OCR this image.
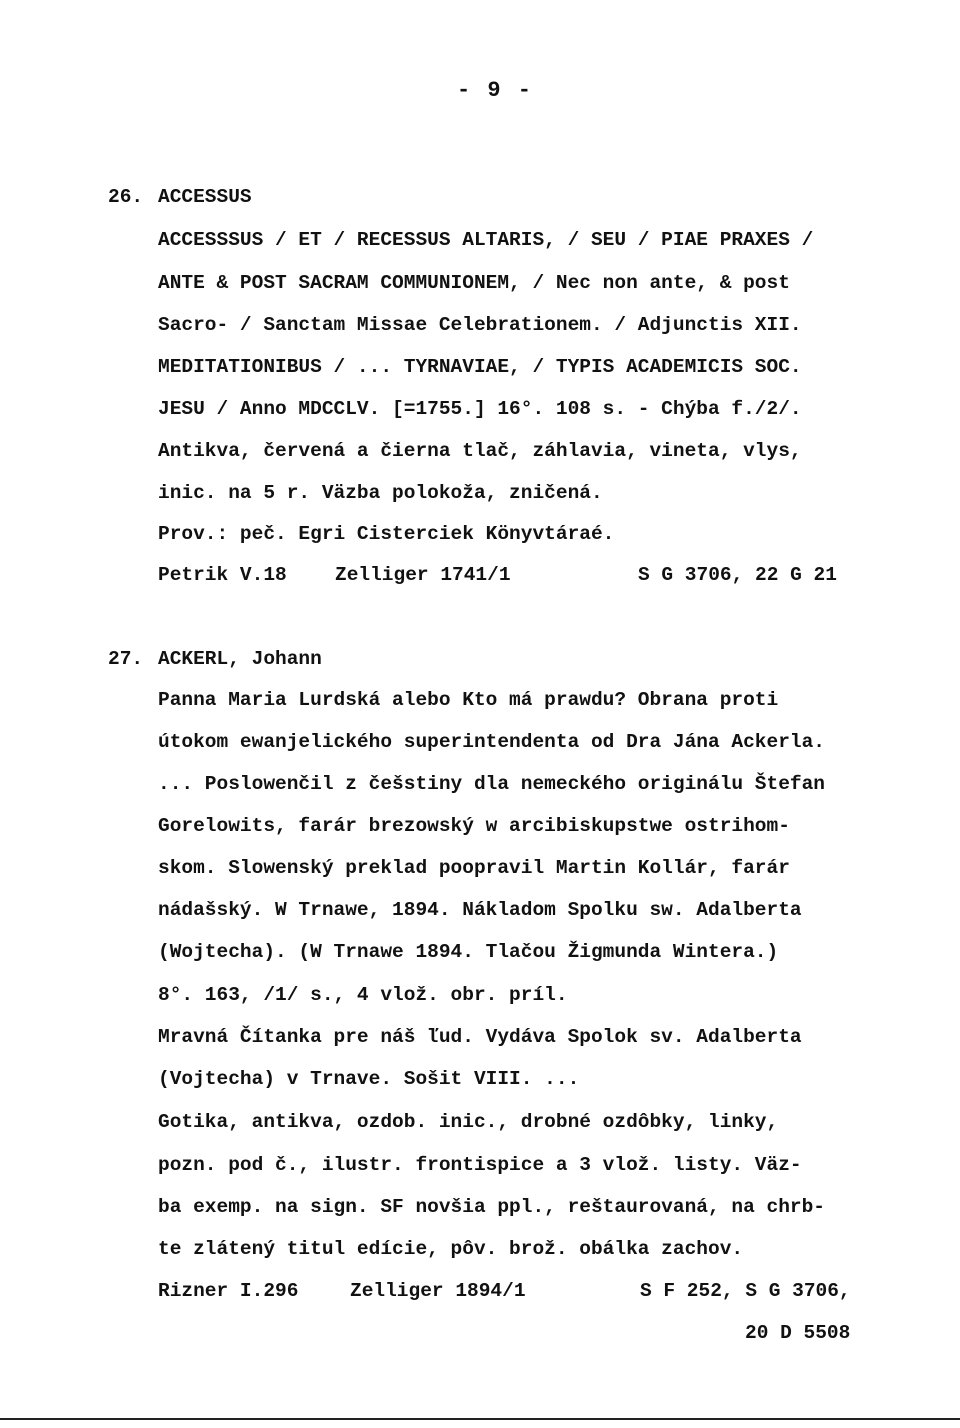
- 9 -
26. ACCESSUS
ACCESSSUS / ET / RECESSUS ALTARIS, / SEU / PIAE PRAXES /
ANTE & POST SACRAM COMMUNIONEM, / Nec non ante, & post
Sacro- / Sanctam Missae Celebrationem. / Adjunctis XII.
MEDITATIONIBUS / ... TYRNAVIAE, / TYPIS ACADEMICIS SOC.
JESU / Anno MDCCLV. [=1755.] 16°. 108 s. - Chýba f./2/.
Antikva, červená a čierna tlač, záhlavia, vineta, vlys,
inic. na 5 r. Väzba polokoža, zničená.
Prov.: peč. Egri Cisterciek Könyvtáraé.
Petrik V.18 Zelliger 1741/1	S G 3706, 22 G 21
27. ACKERL, Johann
Panna Maria Lurdská alebo Kto má prawdu? Obrana proti
útokom ewanjelického superintendenta od Dra Jána Ackerla.
... Poslowenčil z češstiny dla nemeckého originálu Štefan
Gorelowits, farár brezowský w arcibiskupstwe ostrihom-
skom. Slowenský preklad poopravil Martin Kollár, farár
nádašský. W Trnawe, 1894. Nákladom Spolku sw. Adalberta
(Wojtecha). (W Trnawe 1894. Tlačou Žigmunda Wintera.)
8°. 163, /1/ s., 4 vlož. obr. príl.
Mravná Čítanka pre náš ľud. Vydáva Spolok sv. Adalberta
(Vojtecha) v Trnave. Sošit VIII. ...
Gotika, antikva, ozdob. inic., drobné ozdôbky, linky,
pozn. pod č., ilustr. frontispice a 3 vlož. listy. Väz-
ba exemp. na sign. SF novšia ppl., reštaurovaná, na chrb-
te zlátený titul edície, pôv. brož. obálka zachov.
Rizner I.296	Zelliger 1894/1	S F 252, S G 3706,
20 D 5508
